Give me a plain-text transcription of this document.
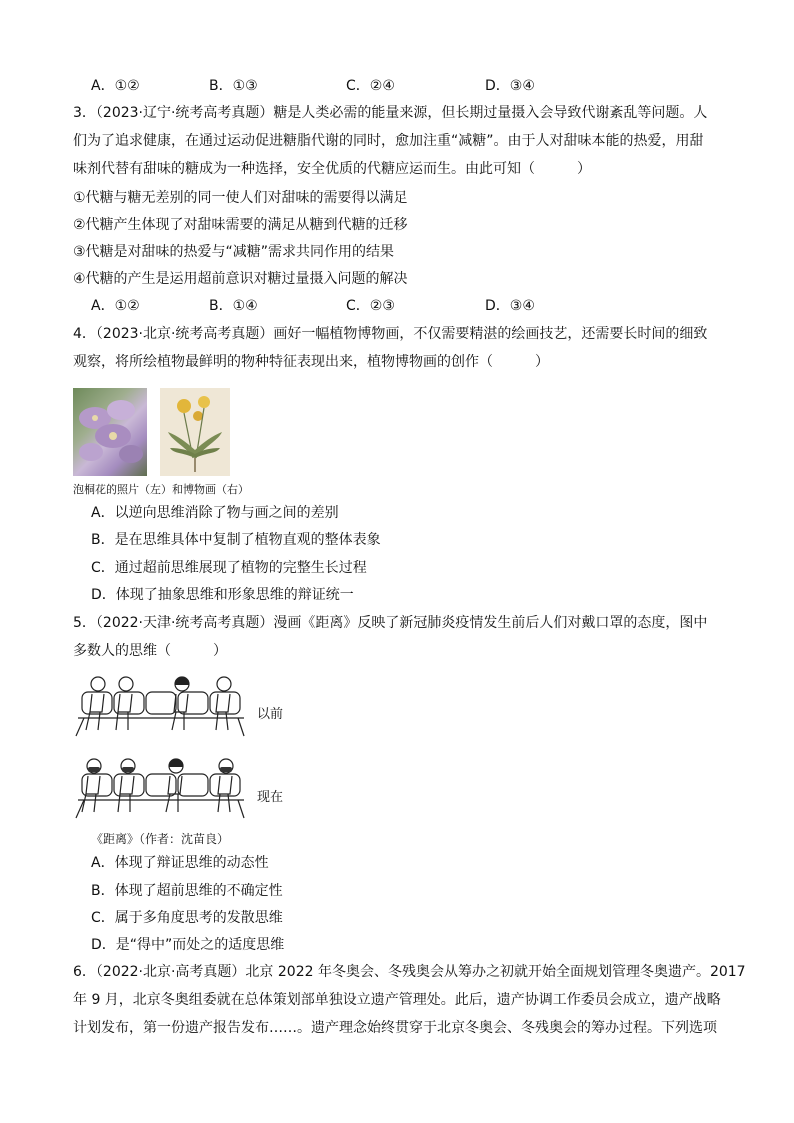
A．①②	B．①③	C．②④	D．③④
3．（2023·辽宁·统考高考真题）糖是人类必需的能量来源，但长期过量摄入会导致代谢紊乱等问题。人
们为了追求健康，在通过运动促进糖脂代谢的同时，愈加注重“减糖”。由于人对甜味本能的热爱，用甜
味剂代替有甜味的糖成为一种选择，安全优质的代糖应运而生。由此可知（　　　）
①代糖与糖无差别的同一使人们对甜味的需要得以满足
②代糖产生体现了对甜味需要的满足从糖到代糖的迁移
③代糖是对甜味的热爱与“减糖”需求共同作用的结果
④代糖的产生是运用超前意识对糖过量摄入问题的解决
A．①②	B．①④	C．②③	D．③④
4．（2023·北京·统考高考真题）画好一幅植物博物画，不仅需要精湛的绘画技艺，还需要长时间的细致
观察，将所绘植物最鲜明的物种特征表现出来，植物博物画的创作（　　　）
泡桐花的照片（左）和博物画（右）
A．以逆向思维消除了物与画之间的差别
B．是在思维具体中复制了植物直观的整体表象
C．通过超前思维展现了植物的完整生长过程
D．体现了抽象思维和形象思维的辩证统一
5．（2022·天津·统考高考真题）漫画《距离》反映了新冠肺炎疫情发生前后人们对戴口罩的态度，图中
多数人的思维（　　　）
以前
现在
《距离》（作者：沈苗良）
A．体现了辩证思维的动态性
B．体现了超前思维的不确定性
C．属于多角度思考的发散思维
D．是“得中”而处之的适度思维
6．（2022·北京·高考真题）北京 2022 年冬奥会、冬残奥会从筹办之初就开始全面规划管理冬奥遗产。2017
年 9 月，北京冬奥组委就在总体策划部单独设立遗产管理处。此后，遗产协调工作委员会成立，遗产战略
计划发布，第一份遗产报告发布……。遗产理念始终贯穿于北京冬奥会、冬残奥会的筹办过程。下列选项
